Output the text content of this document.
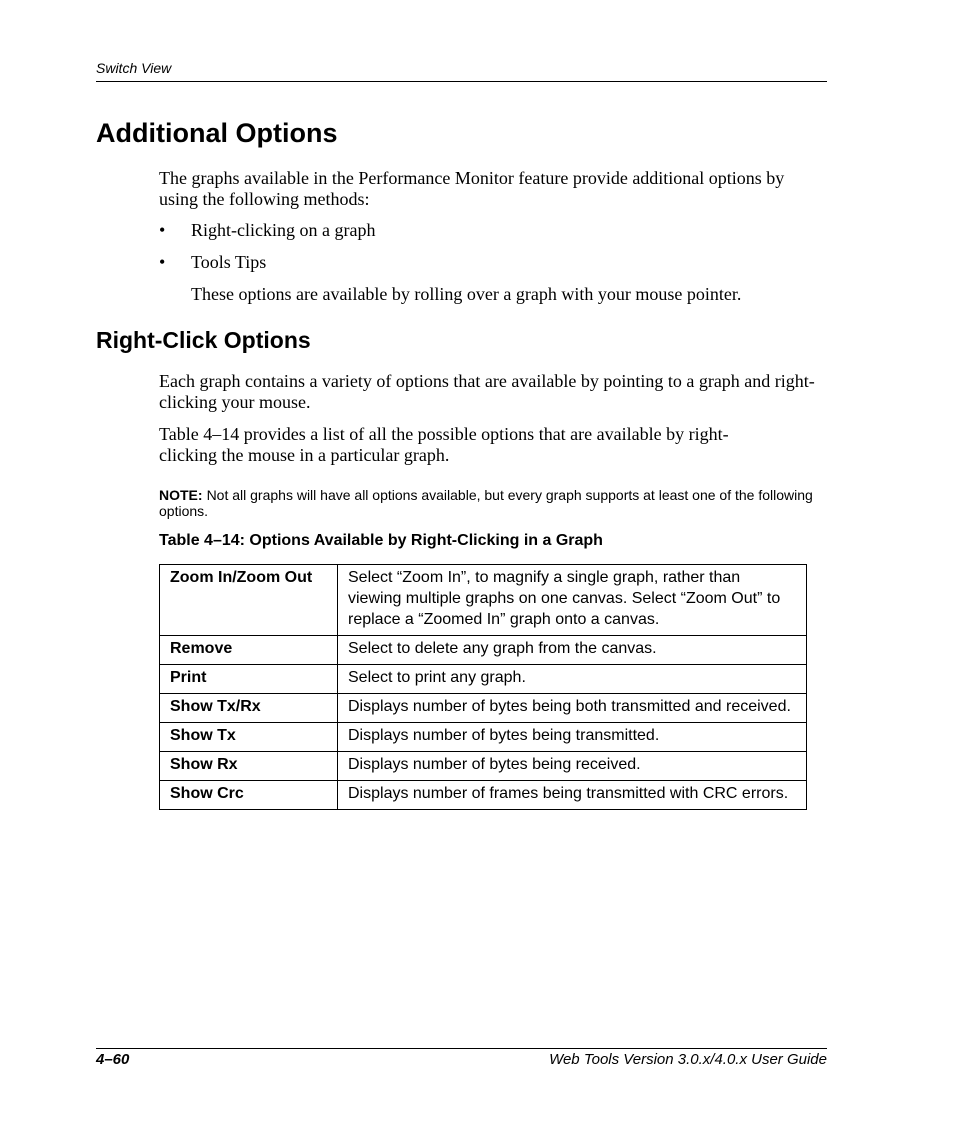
Switch View
Additional Options
The graphs available in the Performance Monitor feature provide additional options by using the following methods:
• Right-clicking on a graph
• Tools Tips
These options are available by rolling over a graph with your mouse pointer.
Right-Click Options
Each graph contains a variety of options that are available by pointing to a graph and right-clicking your mouse.
Table 4–14 provides a list of all the possible options that are available by right-clicking the mouse in a particular graph.
NOTE: Not all graphs will have all options available, but every graph supports at least one of the following options.
Table 4–14: Options Available by Right-Clicking in a Graph
Zoom In/Zoom Out	Select “Zoom In”, to magnify a single graph, rather than viewing multiple graphs on one canvas. Select “Zoom Out” to replace a “Zoomed In” graph onto a canvas.
Remove	Select to delete any graph from the canvas.
Print	Select to print any graph.
Show Tx/Rx	Displays number of bytes being both transmitted and received.
Show Tx	Displays number of bytes being transmitted.
Show Rx	Displays number of bytes being received.
Show Crc	Displays number of frames being transmitted with CRC errors.
4–60	Web Tools Version 3.0.x/4.0.x User Guide
